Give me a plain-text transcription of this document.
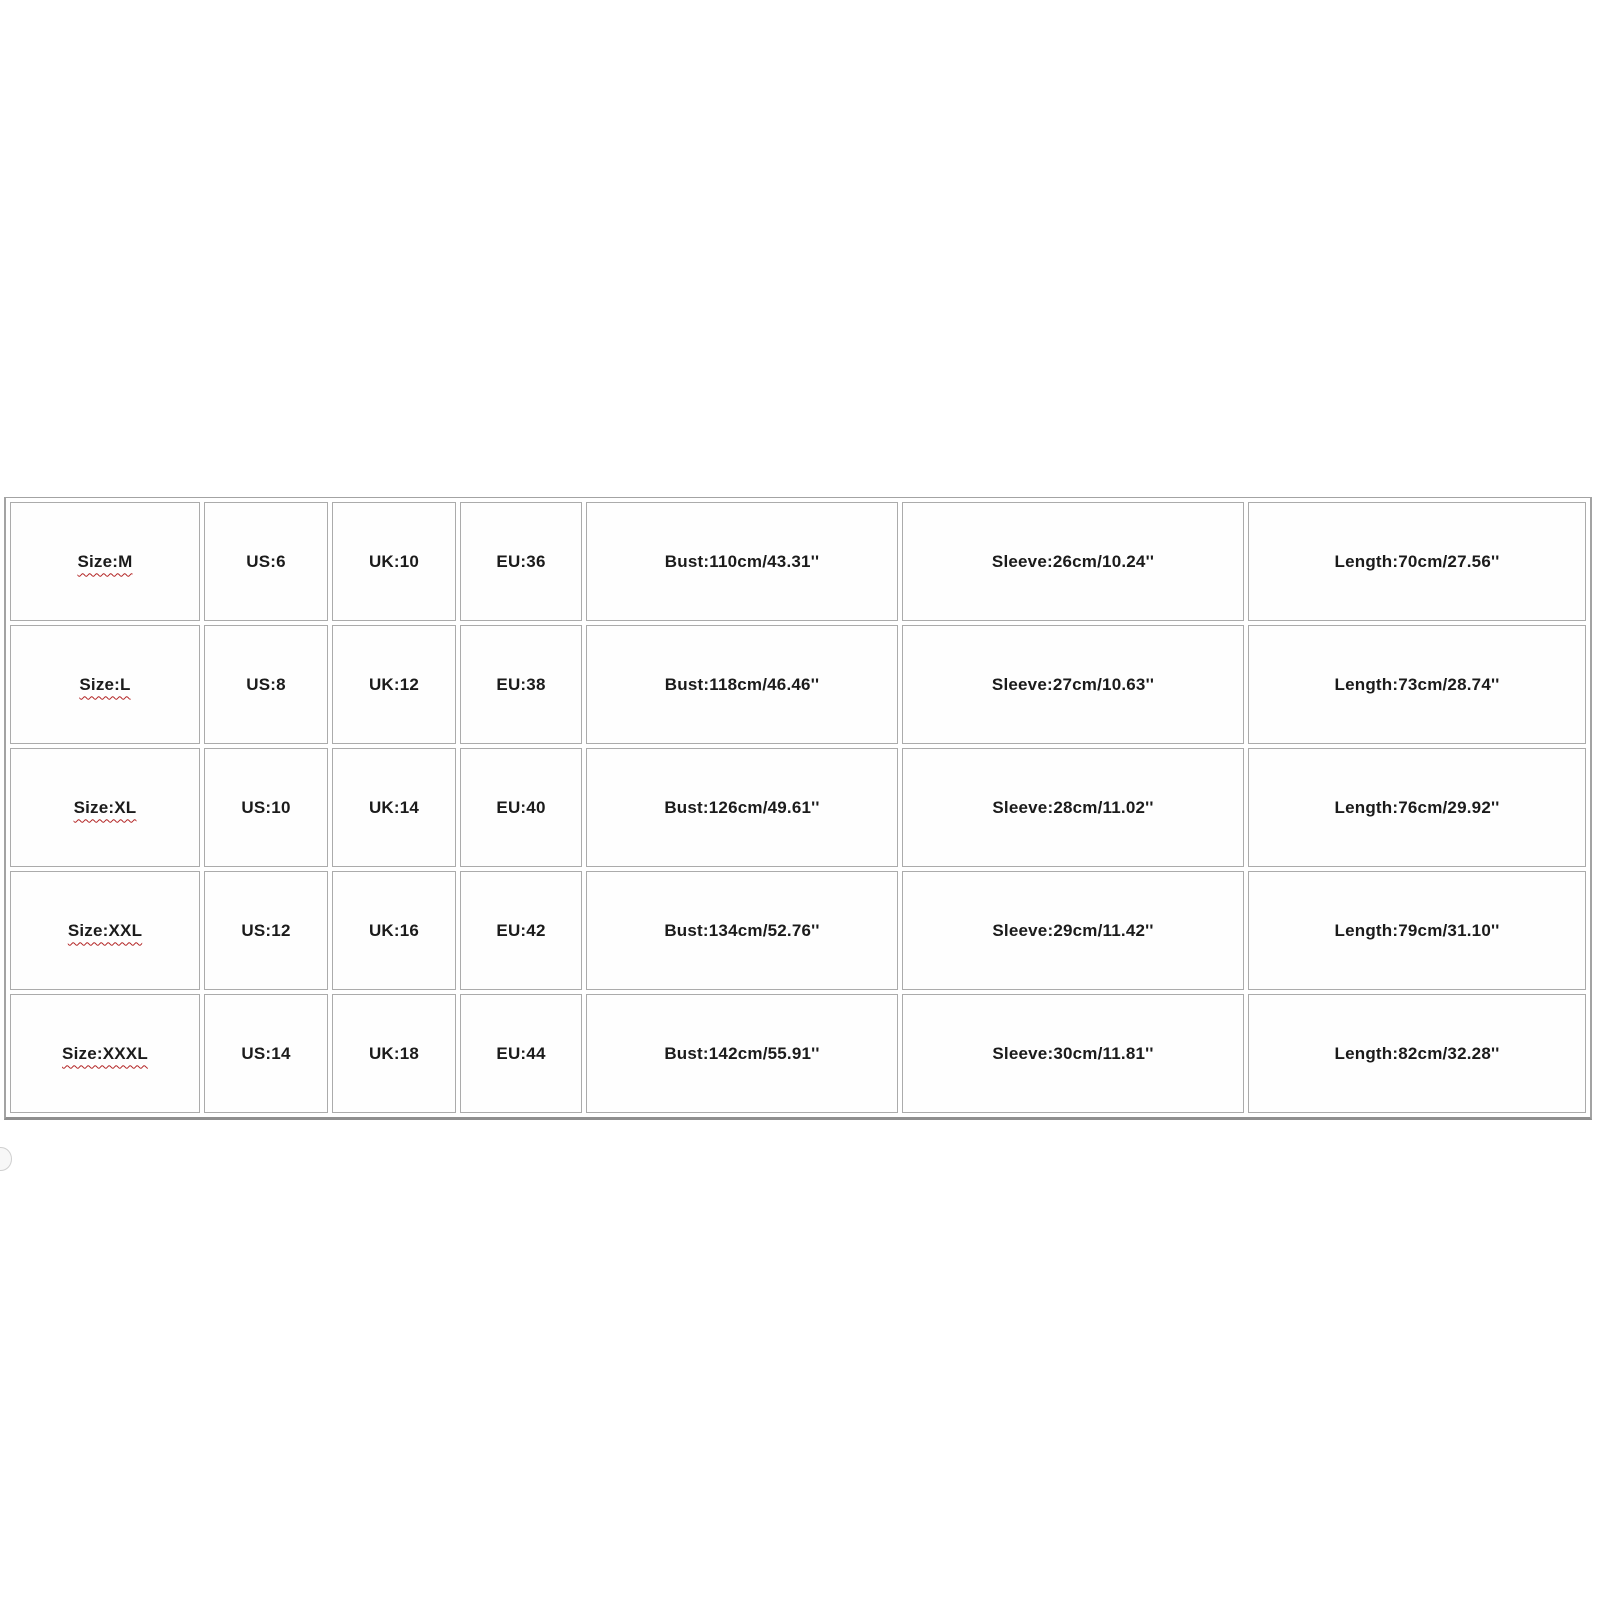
Size:M	US:6	UK:10	EU:36	Bust:110cm/43.31''	Sleeve:26cm/10.24''	Length:70cm/27.56''
Size:L	US:8	UK:12	EU:38	Bust:118cm/46.46''	Sleeve:27cm/10.63''	Length:73cm/28.74''
Size:XL	US:10	UK:14	EU:40	Bust:126cm/49.61''	Sleeve:28cm/11.02''	Length:76cm/29.92''
Size:XXL	US:12	UK:16	EU:42	Bust:134cm/52.76''	Sleeve:29cm/11.42''	Length:79cm/31.10''
Size:XXXL	US:14	UK:18	EU:44	Bust:142cm/55.91''	Sleeve:30cm/11.81''	Length:82cm/32.28''
